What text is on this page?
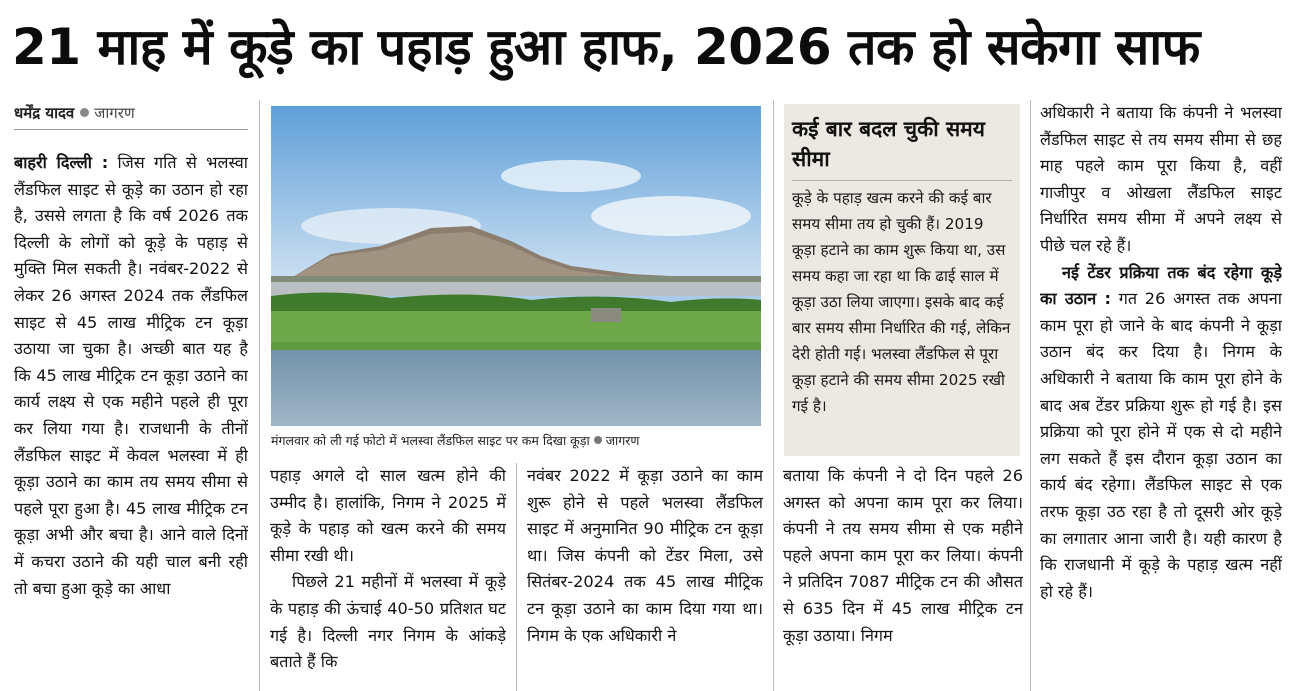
21 माह में कूड़े का पहाड़ हुआ हाफ, 2026 तक हो सकेगा साफ
धर्मेंद्र यादव जागरण

बाहरी दिल्ली : जिस गति से भलस्वा लैंडफिल साइट से कूड़े का उठान हो रहा है, उससे लगता है कि वर्ष 2026 तक दिल्ली के लोगों को कूड़े के पहाड़ से मुक्ति मिल सकती है। नवंबर-2022 से लेकर 26 अगस्त 2024 तक लैंडफिल साइट से 45 लाख मीट्रिक टन कूड़ा उठाया जा चुका है। अच्छी बात यह है कि 45 लाख मीट्रिक टन कूड़ा उठाने का कार्य लक्ष्य से एक महीने पहले ही पूरा कर लिया गया है। राजधानी के तीनों लैंडफिल साइट में केवल भलस्वा में ही कूड़ा उठाने का काम तय समय सीमा से पहले पूरा हुआ है। 45 लाख मीट्रिक टन कूड़ा अभी और बचा है। आने वाले दिनों में कचरा उठाने की यही चाल बनी रही तो बचा हुआ कूड़े का आधा

मंगलवार को ली गई फोटो में भलस्वा लैंडफिल साइट पर कम दिखा कूड़ा जागरण
कई बार बदल चुकी समय सीमा
कूड़े के पहाड़ खत्म करने की कई बार समय सीमा तय हो चुकी हैं। 2019 कूड़ा हटाने का काम शुरू किया था, उस समय कहा जा रहा था कि ढाई साल में कूड़ा उठा लिया जाएगा। इसके बाद कई बार समय सीमा निर्धारित की गई, लेकिन देरी होती गई। भलस्वा लैंडफिल से पूरा कूड़ा हटाने की समय सीमा 2025 रखी गई है।

पहाड़ अगले दो साल खत्म होने की उम्मीद है। हालांकि, निगम ने 2025 में कूड़े के पहाड़ को खत्म करने की समय सीमा रखी थी।

पिछले 21 महीनों में भलस्वा में कूड़े के पहाड़ की ऊंचाई 40-50 प्रतिशत घट गई है। दिल्ली नगर निगम के आंकड़े बताते हैं कि

नवंबर 2022 में कूड़ा उठाने का काम शुरू होने से पहले भलस्वा लैंडफिल साइट में अनुमानित 90 मीट्रिक टन कूड़ा था। जिस कंपनी को टेंडर मिला, उसे सितंबर-2024 तक 45 लाख मीट्रिक टन कूड़ा उठाने का काम दिया गया था। निगम के एक अधिकारी ने

बताया कि कंपनी ने दो दिन पहले 26 अगस्त को अपना काम पूरा कर लिया। कंपनी ने तय समय सीमा से एक महीने पहले अपना काम पूरा कर लिया। कंपनी ने प्रतिदिन 7087 मीट्रिक टन की औसत से 635 दिन में 45 लाख मीट्रिक टन कूड़ा उठाया। निगम

अधिकारी ने बताया कि कंपनी ने भलस्वा लैंडफिल साइट से तय समय सीमा से छह माह पहले काम पूरा किया है, वहीं गाजीपुर व ओखला लैंडफिल साइट निर्धारित समय सीमा में अपने लक्ष्य से पीछे चल रहे हैं।

नई टेंडर प्रक्रिया तक बंद रहेगा कूड़े का उठान : गत 26 अगस्त तक अपना काम पूरा हो जाने के बाद कंपनी ने कूड़ा उठान बंद कर दिया है। निगम के अधिकारी ने बताया कि काम पूरा होने के बाद अब टेंडर प्रक्रिया शुरू हो गई है। इस प्रक्रिया को पूरा होने में एक से दो महीने लग सकते हैं इस दौरान कूड़ा उठान का कार्य बंद रहेगा। लैंडफिल साइट से एक तरफ कूड़ा उठ रहा है तो दूसरी ओर कूड़े का लगातार आना जारी है। यही कारण है कि राजधानी में कूड़े के पहाड़ खत्म नहीं हो रहे हैं।
